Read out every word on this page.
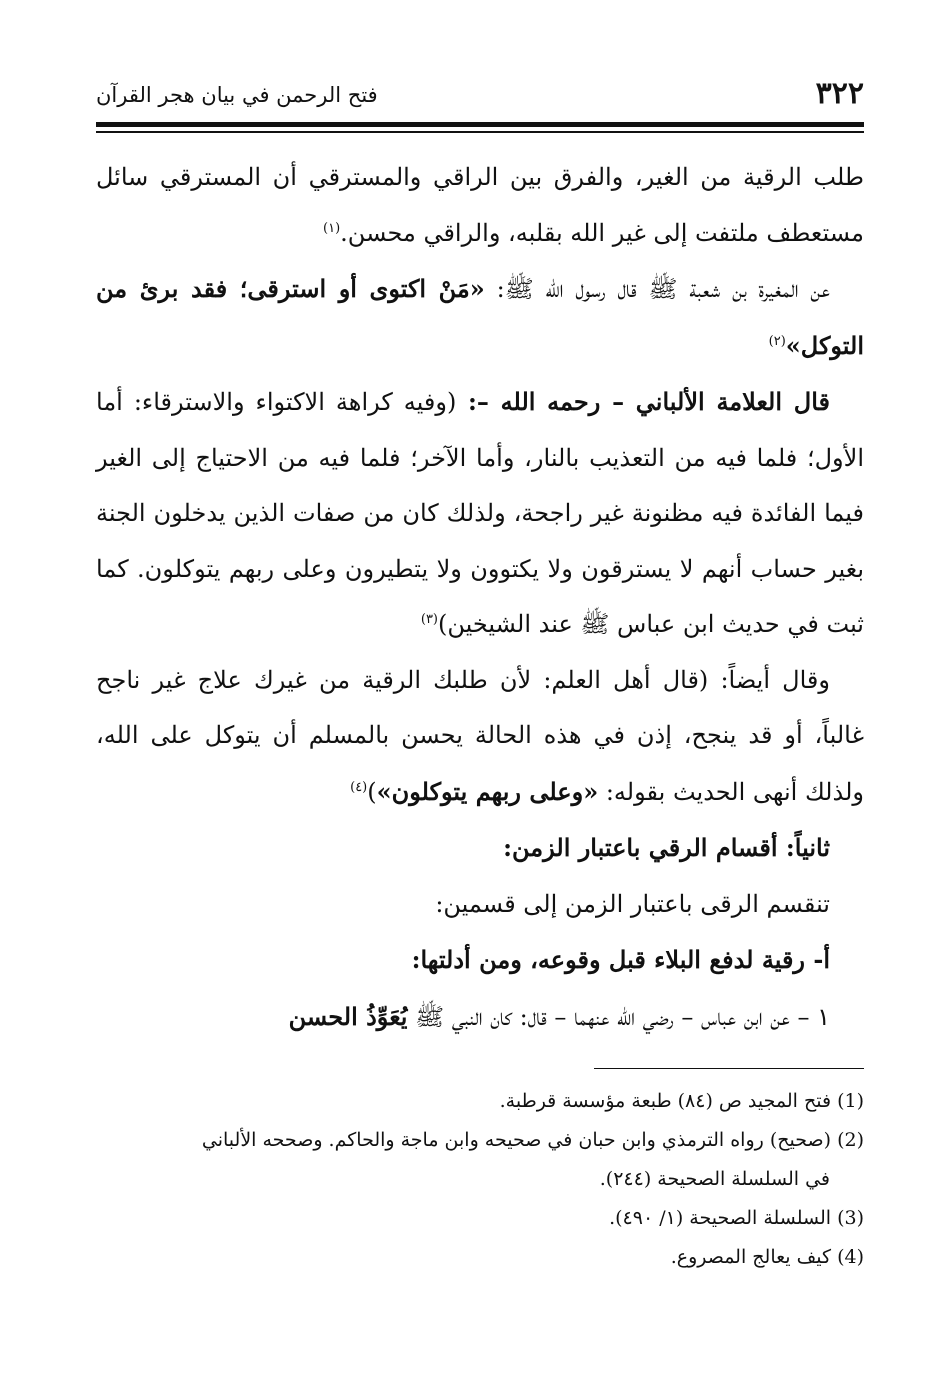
٣٢٢
فتح الرحمن في بيان هجر القرآن

طلب الرقية من الغير، والفرق بين الراقي والمسترقي أن المسترقي سائل مستعطف ملتفت إلى غير الله بقلبه، والراقي محسن.$^{(١)}$

عن المغيرة بن شعبة ﷺ قال رسول الله ﷺ: «مَنْ اكتوى أو استرقى؛ فقد برئ من التوكل»$^{(٢)}$

قال العلامة الألباني – رحمه الله –: (وفيه كراهة الاكتواء والاسترقاء: أما الأول؛ فلما فيه من التعذيب بالنار، وأما الآخر؛ فلما فيه من الاحتياج إلى الغير فيما الفائدة فيه مظنونة غير راجحة، ولذلك كان من صفات الذين يدخلون الجنة بغير حساب أنهم لا يسترقون ولا يكتوون ولا يتطيرون وعلى ربهم يتوكلون. كما ثبت في حديث ابن عباس ﷺ عند الشيخين)$^{(٣)}$

وقال أيضاً: (قال أهل العلم: لأن طلبك الرقية من غيرك علاج غير ناجح غالباً، أو قد ينجح، إذن في هذه الحالة يحسن بالمسلم أن يتوكل على الله، ولذلك أنهى الحديث بقوله: «وعلى ربهم يتوكلون»)$^{(٤)}$

ثانياً: أقسام الرقي باعتبار الزمن:

تنقسم الرقى باعتبار الزمن إلى قسمين:

أ- رقية لدفع البلاء قبل وقوعه، ومن أدلتها:

١ – عن ابن عباس – رضي الله عنهما – قال: كان النبي ﷺ يُعَوِّذُ الحسن

(1)فتح المجيد ص (٨٤) طبعة مؤسسة قرطبة.

(2)(صحيح) رواه الترمذي وابن حبان في صحيحه وابن ماجة والحاكم. وصححه الألباني
في السلسلة الصحيحة (٢٤٤).

(3)السلسلة الصحيحة (١/ ٤٩٠).

(4)كيف يعالج المصروع.
